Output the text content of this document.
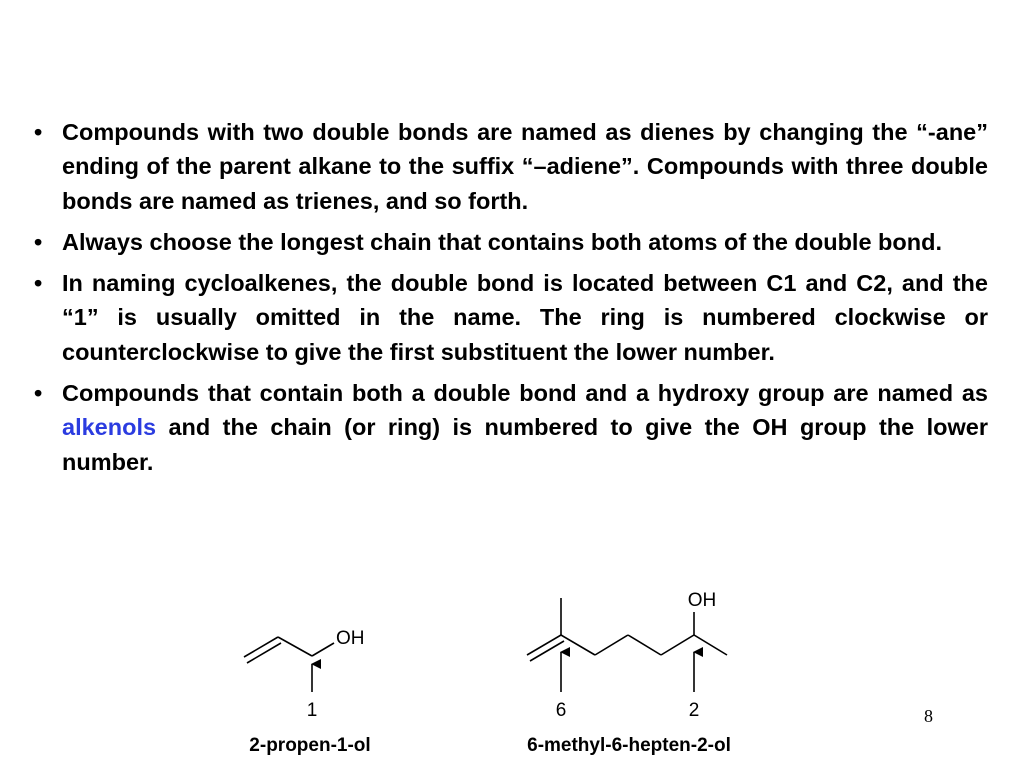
• Compounds with two double bonds are named as dienes by changing the “-ane” ending of the parent alkane to the suffix “–adiene”. Compounds with three double bonds are named as trienes, and so forth.
• Always choose the longest chain that contains both atoms of the double bond.
• In naming cycloalkenes, the double bond is located between C1 and C2, and the “1” is usually omitted in the name. The ring is numbered clockwise or counterclockwise to give the first substituent the lower number.
• Compounds that contain both a double bond and a hydroxy group are named as alkenols and the chain (or ring) is numbered to give the OH group the lower number.
OH
1
2-propen-1-ol
OH
6	2
6-methyl-6-hepten-2-ol
8
